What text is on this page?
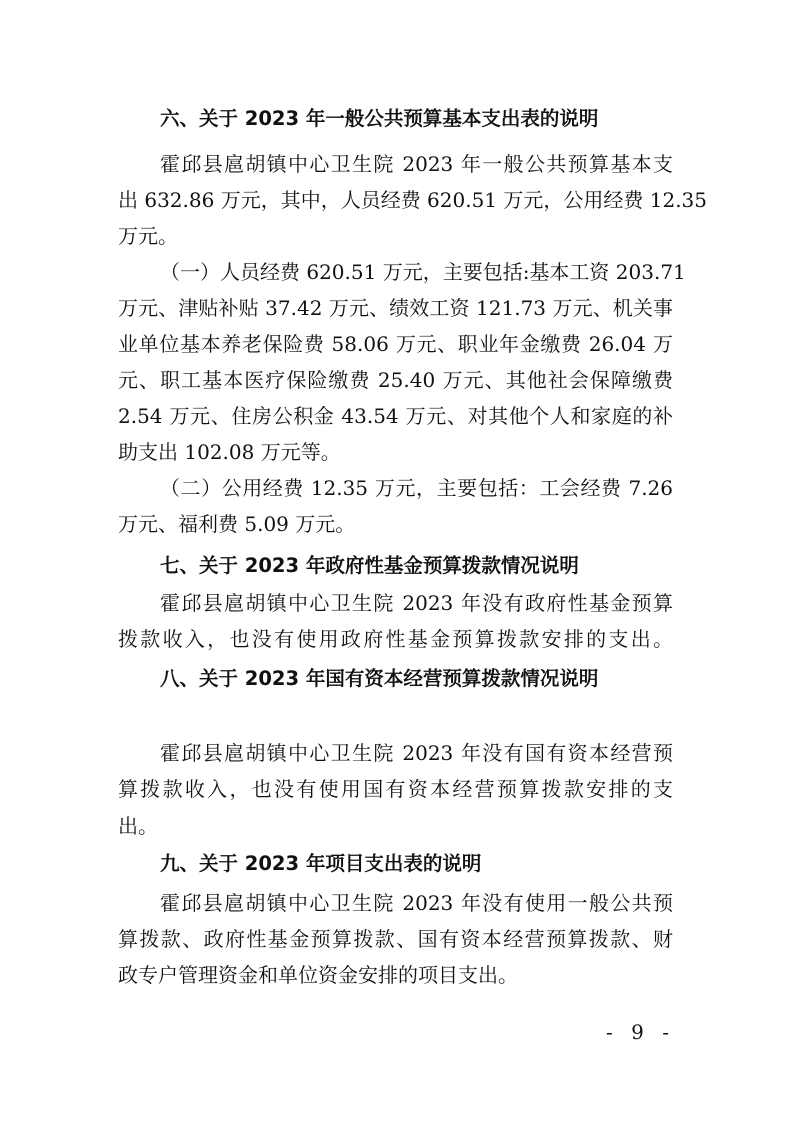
六、关于 2023 年一般公共预算基本支出表的说明
霍邱县扈胡镇中心卫生院 2023 年一般公共预算基本支
出 632.86 万元，其中，人员经费 620.51 万元，公用经费 12.35
万元。
（一）人员经费 620.51 万元，主要包括:基本工资 203.71
万元、津贴补贴 37.42 万元、绩效工资 121.73 万元、机关事
业单位基本养老保险费 58.06 万元、职业年金缴费 26.04 万
元、职工基本医疗保险缴费 25.40 万元、其他社会保障缴费
2.54 万元、住房公积金 43.54 万元、对其他个人和家庭的补
助支出 102.08 万元等。
（二）公用经费 12.35 万元，主要包括：工会经费 7.26
万元、福利费 5.09 万元。
七、关于 2023 年政府性基金预算拨款情况说明
霍邱县扈胡镇中心卫生院 2023 年没有政府性基金预算
拨款收入，也没有使用政府性基金预算拨款安排的支出。
八、关于 2023 年国有资本经营预算拨款情况说明
霍邱县扈胡镇中心卫生院 2023 年没有国有资本经营预
算拨款收入，也没有使用国有资本经营预算拨款安排的支
出。
九、关于 2023 年项目支出表的说明
霍邱县扈胡镇中心卫生院 2023 年没有使用一般公共预
算拨款、政府性基金预算拨款、国有资本经营预算拨款、财
政专户管理资金和单位资金安排的项目支出。
- 9 -
